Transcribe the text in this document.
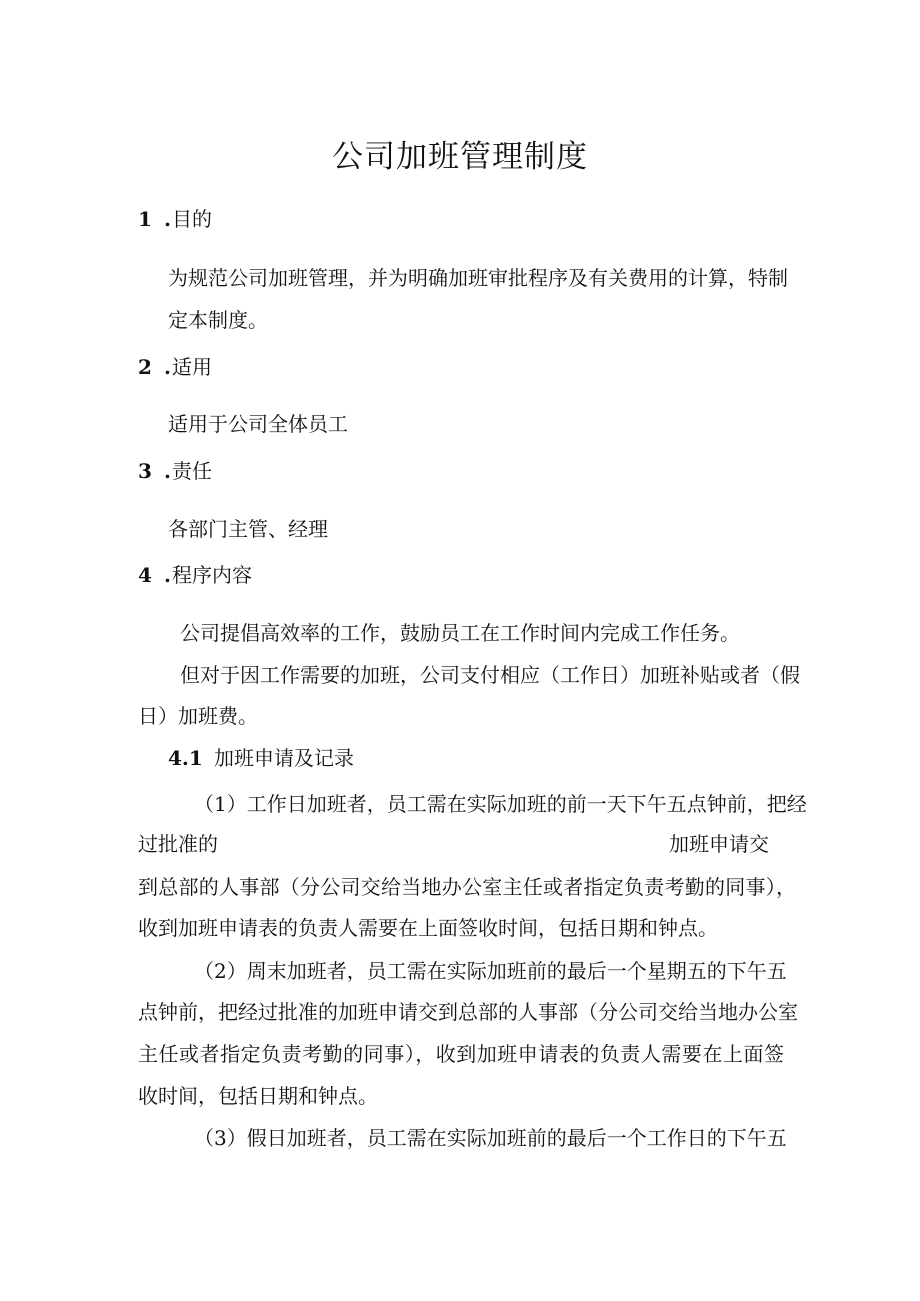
公司加班管理制度
1 .目的
为规范公司加班管理，并为明确加班审批程序及有关费用的计算，特制
定本制度。
2 .适用
适用于公司全体员工
3 .责任
各部门主管、经理
4 .程序内容
公司提倡高效率的工作，鼓励员工在工作时间内完成工作任务。
但对于因工作需要的加班，公司支付相应（工作日）加班补贴或者（假
日）加班费。
4.1 加班申请及记录
（1）工作日加班者，员工需在实际加班的前一天下午五点钟前，把经
过批准的	加班申请交
到总部的人事部（分公司交给当地办公室主任或者指定负责考勤的同事），
收到加班申请表的负责人需要在上面签收时间，包括日期和钟点。
（2）周末加班者，员工需在实际加班前的最后一个星期五的下午五
点钟前，把经过批准的加班申请交到总部的人事部（分公司交给当地办公室
主任或者指定负责考勤的同事），收到加班申请表的负责人需要在上面签
收时间，包括日期和钟点。
（3）假日加班者，员工需在实际加班前的最后一个工作日的下午五
